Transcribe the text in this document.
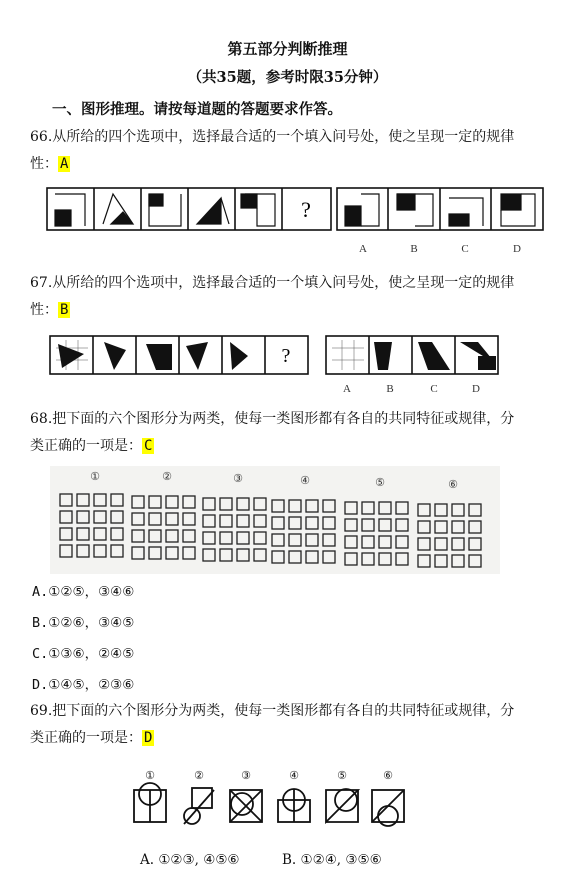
第五部分判断推理
（共35题，参考时限35分钟）
一、图形推理。请按每道题的答题要求作答。
66.从所给的四个选项中，选择最合适的一个填入问号处，使之呈现一定的规律
性： A
?
A	B	C	D
67.从所给的四个选项中，选择最合适的一个填入问号处，使之呈现一定的规律
性： B
?
A	B	C	D
68.把下面的六个图形分为两类，使每一类图形都有各自的共同特征或规律，分
类正确的一项是： C
①	②	③	④	⑤	⑥
A.①②⑤，③④⑥
B.①②⑥，③④⑤
C.①③⑥，②④⑤
D.①④⑤，②③⑥
69.把下面的六个图形分为两类，使每一类图形都有各自的共同特征或规律，分
类正确的一项是： D
①	②	③	④	⑤	⑥
A. ①②③, ④⑤⑥	B. ①②④, ③⑤⑥
